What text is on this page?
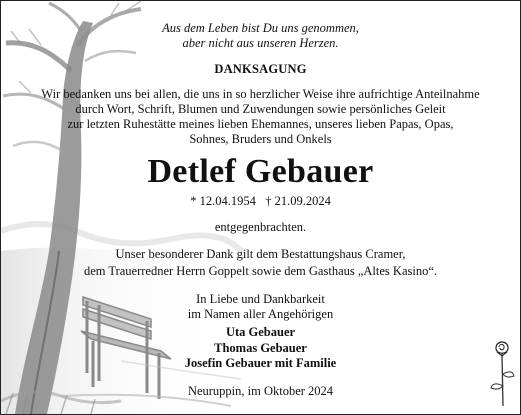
Aus dem Leben bist Du uns genommen,
aber nicht aus unseren Herzen.
DANKSAGUNG
Wir bedanken uns bei allen, die uns in so herzlicher Weise ihre aufrichtige Anteilnahme
durch Wort, Schrift, Blumen und Zuwendungen sowie persönliches Geleit
zur letzten Ruhestätte meines lieben Ehemannes, unseres lieben Papas, Opas,
Sohnes, Bruders und Onkels
Detlef Gebauer
* 12.04.1954 † 21.09.2024
entgegenbrachten.
Unser besonderer Dank gilt dem Bestattungshaus Cramer,
dem Trauerredner Herrn Goppelt sowie dem Gasthaus „Altes Kasino“.
In Liebe und Dankbarkeit
im Namen aller Angehörigen
Uta Gebauer
Thomas Gebauer
Josefin Gebauer mit Familie
Neuruppin, im Oktober 2024
